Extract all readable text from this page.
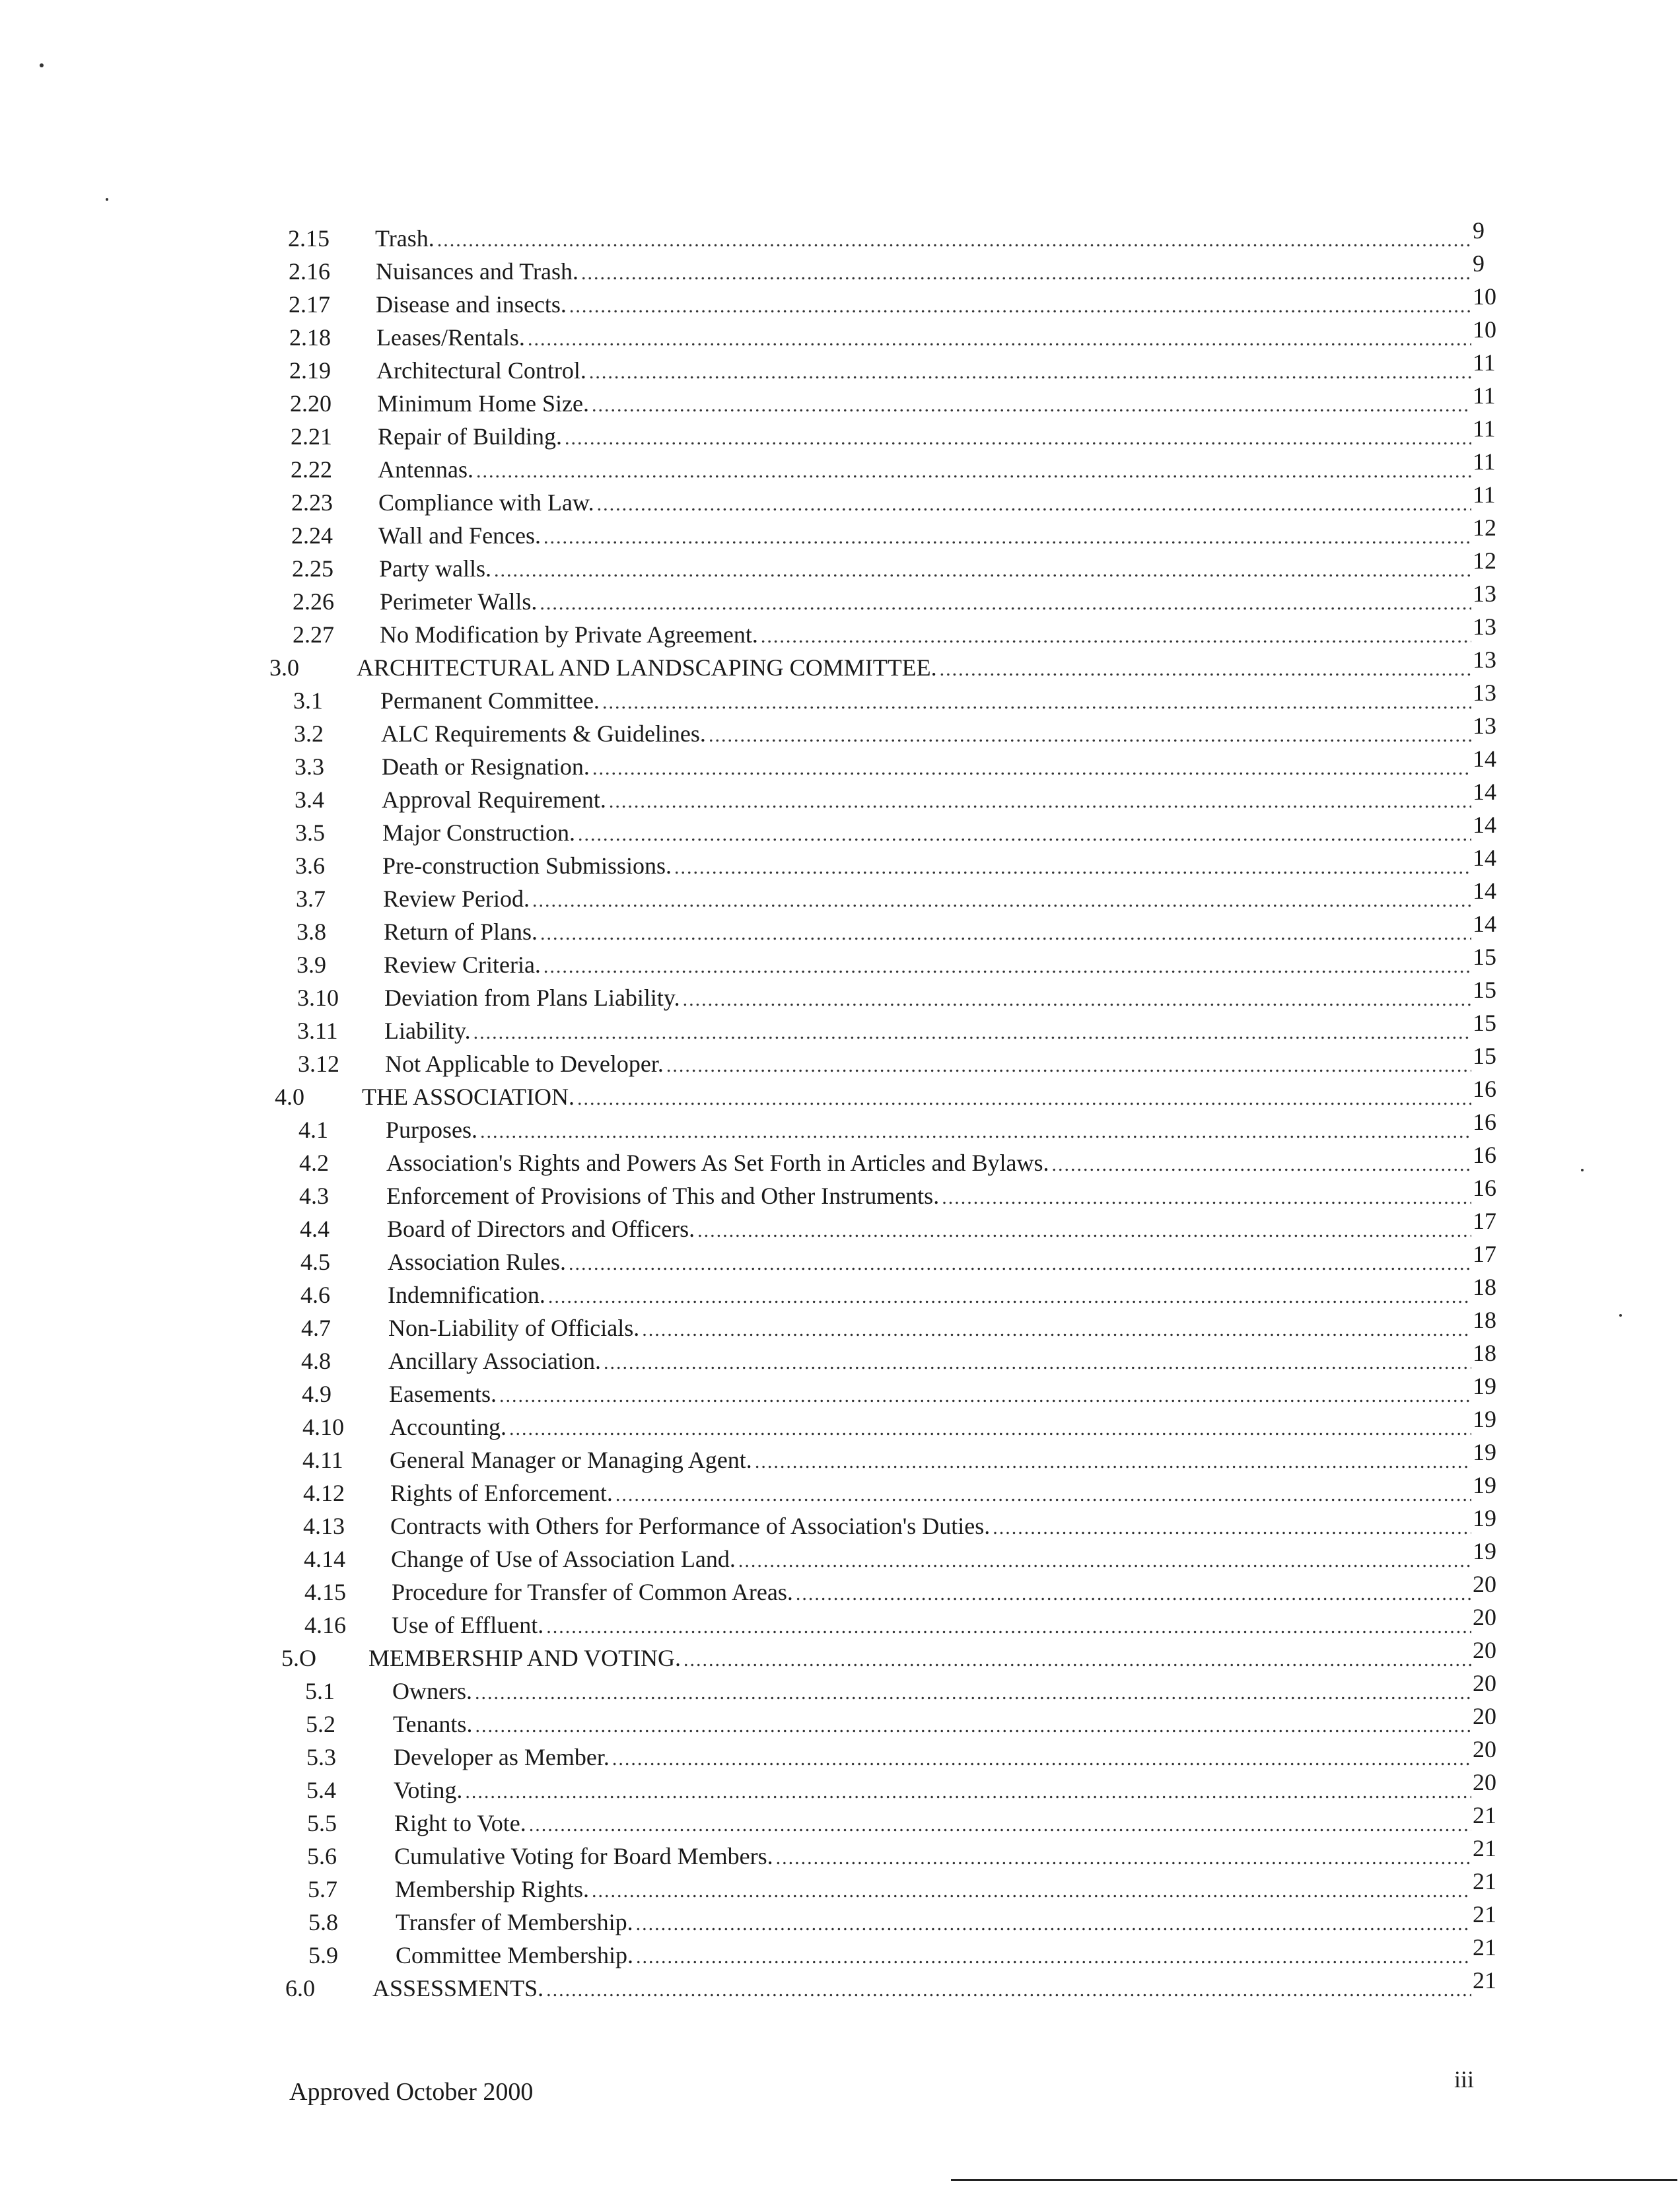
2.15 Trash. .....	9
2.16 Nuisances and Trash. .....	9
2.17 Disease and insects. .....	10
2.18 Leases/Rentals. .....	10
2.19 Architectural Control. .....	11
2.20 Minimum Home Size. .....	11
2.21 Repair of Building. .....	11
2.22 Antennas. .....	11
2.23 Compliance with Law. .....	11
2.24 Wall and Fences. .....	12
2.25 Party walls. .....	12
2.26 Perimeter Walls. .....	13
2.27 No Modification by Private Agreement. .....	13
3.0 ARCHITECTURAL AND LANDSCAPING COMMITTEE. .....	13
3.1 Permanent Committee. .....	13
3.2 ALC Requirements & Guidelines. .....	13
3.3 Death or Resignation. .....	14
3.4 Approval Requirement. .....	14
3.5 Major Construction. .....	14
3.6 Pre-construction Submissions. .....	14
3.7 Review Period. .....	14
3.8 Return of Plans. .....	14
3.9 Review Criteria. .....	15
3.10 Deviation from Plans Liability. .....	15
3.11 Liability. .....	15
3.12 Not Applicable to Developer. .....	15
4.0 THE ASSOCIATION. .....	16
4.1 Purposes. .....	16
4.2 Association's Rights and Powers As Set Forth in Articles and Bylaws. .....	16
4.3 Enforcement of Provisions of This and Other Instruments. .....	16
4.4 Board of Directors and Officers. .....	17
4.5 Association Rules. .....	17
4.6 Indemnification. .....	18
4.7 Non-Liability of Officials. .....	18
4.8 Ancillary Association. .....	18
4.9 Easements. .....	19
4.10 Accounting. .....	19
4.11 General Manager or Managing Agent. .....	19
4.12 Rights of Enforcement. .....	19
4.13 Contracts with Others for Performance of Association's Duties. .....	19
4.14 Change of Use of Association Land. .....	19
4.15 Procedure for Transfer of Common Areas. .....	20
4.16 Use of Effluent. .....	20
5.O MEMBERSHIP AND VOTING. .....	20
5.1 Owners. .....	20
5.2 Tenants. .....	20
5.3 Developer as Member. .....	20
5.4 Voting. .....	20
5.5 Right to Vote. .....	21
5.6 Cumulative Voting for Board Members. .....	21
5.7 Membership Rights. .....	21
5.8 Transfer of Membership. .....	21
5.9 Committee Membership. .....	21
6.0 ASSESSMENTS. .....	21
Approved October 2000	iii
